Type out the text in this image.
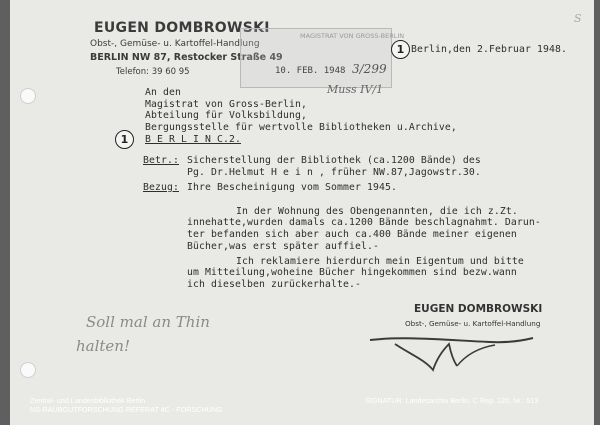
EUGEN DOMBROWSKI
Obst-, Gemüse- u. Kartoffel-Handlung
BERLIN NW 87, Restocker Straße 49
Telefon: 39 60 95
MAGISTRAT VON GROSS-BERLIN
10. FEB. 1948 3/299
Muss IV/1
1 Berlin,den 2.Februar 1948.
An den
Magistrat von Gross-Berlin,
Abteilung für Volksbildung,
Bergungsstelle für wertvolle Bibliotheken u.Archive,
1	B E R L I N C.2.
Betr.: Sicherstellung der Bibliothek (ca.1200 Bände) des
Pg. Dr.Helmut H e i n , früher NW.87,Jagowstr.30.
Bezug: Ihre Bescheinigung vom Sommer 1945.
In der Wohnung des Obengenannten, die ich z.Zt.
innehatte,wurden damals ca.1200 Bände beschlagnahmt. Darun-
ter befanden sich aber auch ca.400 Bände meiner eigenen
Bücher,was erst später auffiel.-
Ich reklamiere hierdurch mein Eigentum und bitte
um Mitteilung,woheine Bücher hingekommen sind bezw.wann
ich dieselben zurückerhalte.-
EUGEN DOMBROWSKI
Obst-, Gemüse- u. Kartoffel-Handlung
Soll mal an Thin
halten!
S
Zentral- und Landesbibliothek Berlin
NS-RAUBGUTFORSCHUNG REFERAT 4C - FORSCHUNG
SIGNATUR: Landesarchiv Berlin, C Rep. 120, Nr.: 513
